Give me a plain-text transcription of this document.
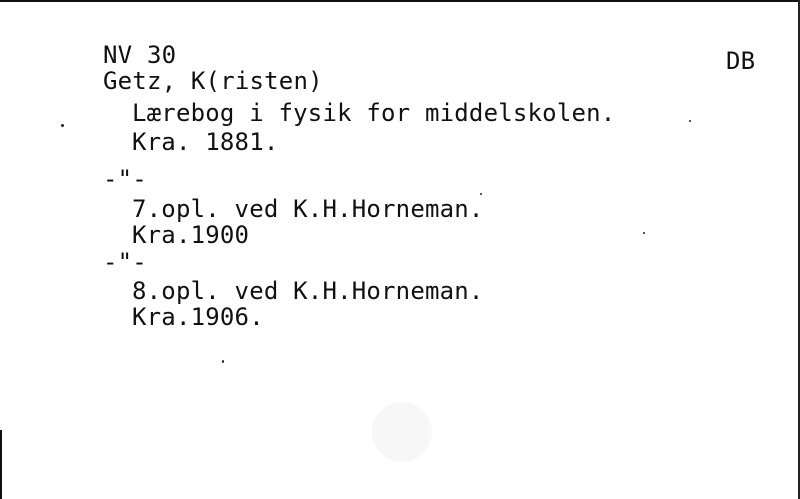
NV 30	DB
Getz, K(risten)
Lærebog i fysik for middelskolen.
Kra. 1881.
-"-
7.opl. ved K.H.Horneman.
Kra.1900
-"-
8.opl. ved K.H.Horneman.
Kra.1906.
